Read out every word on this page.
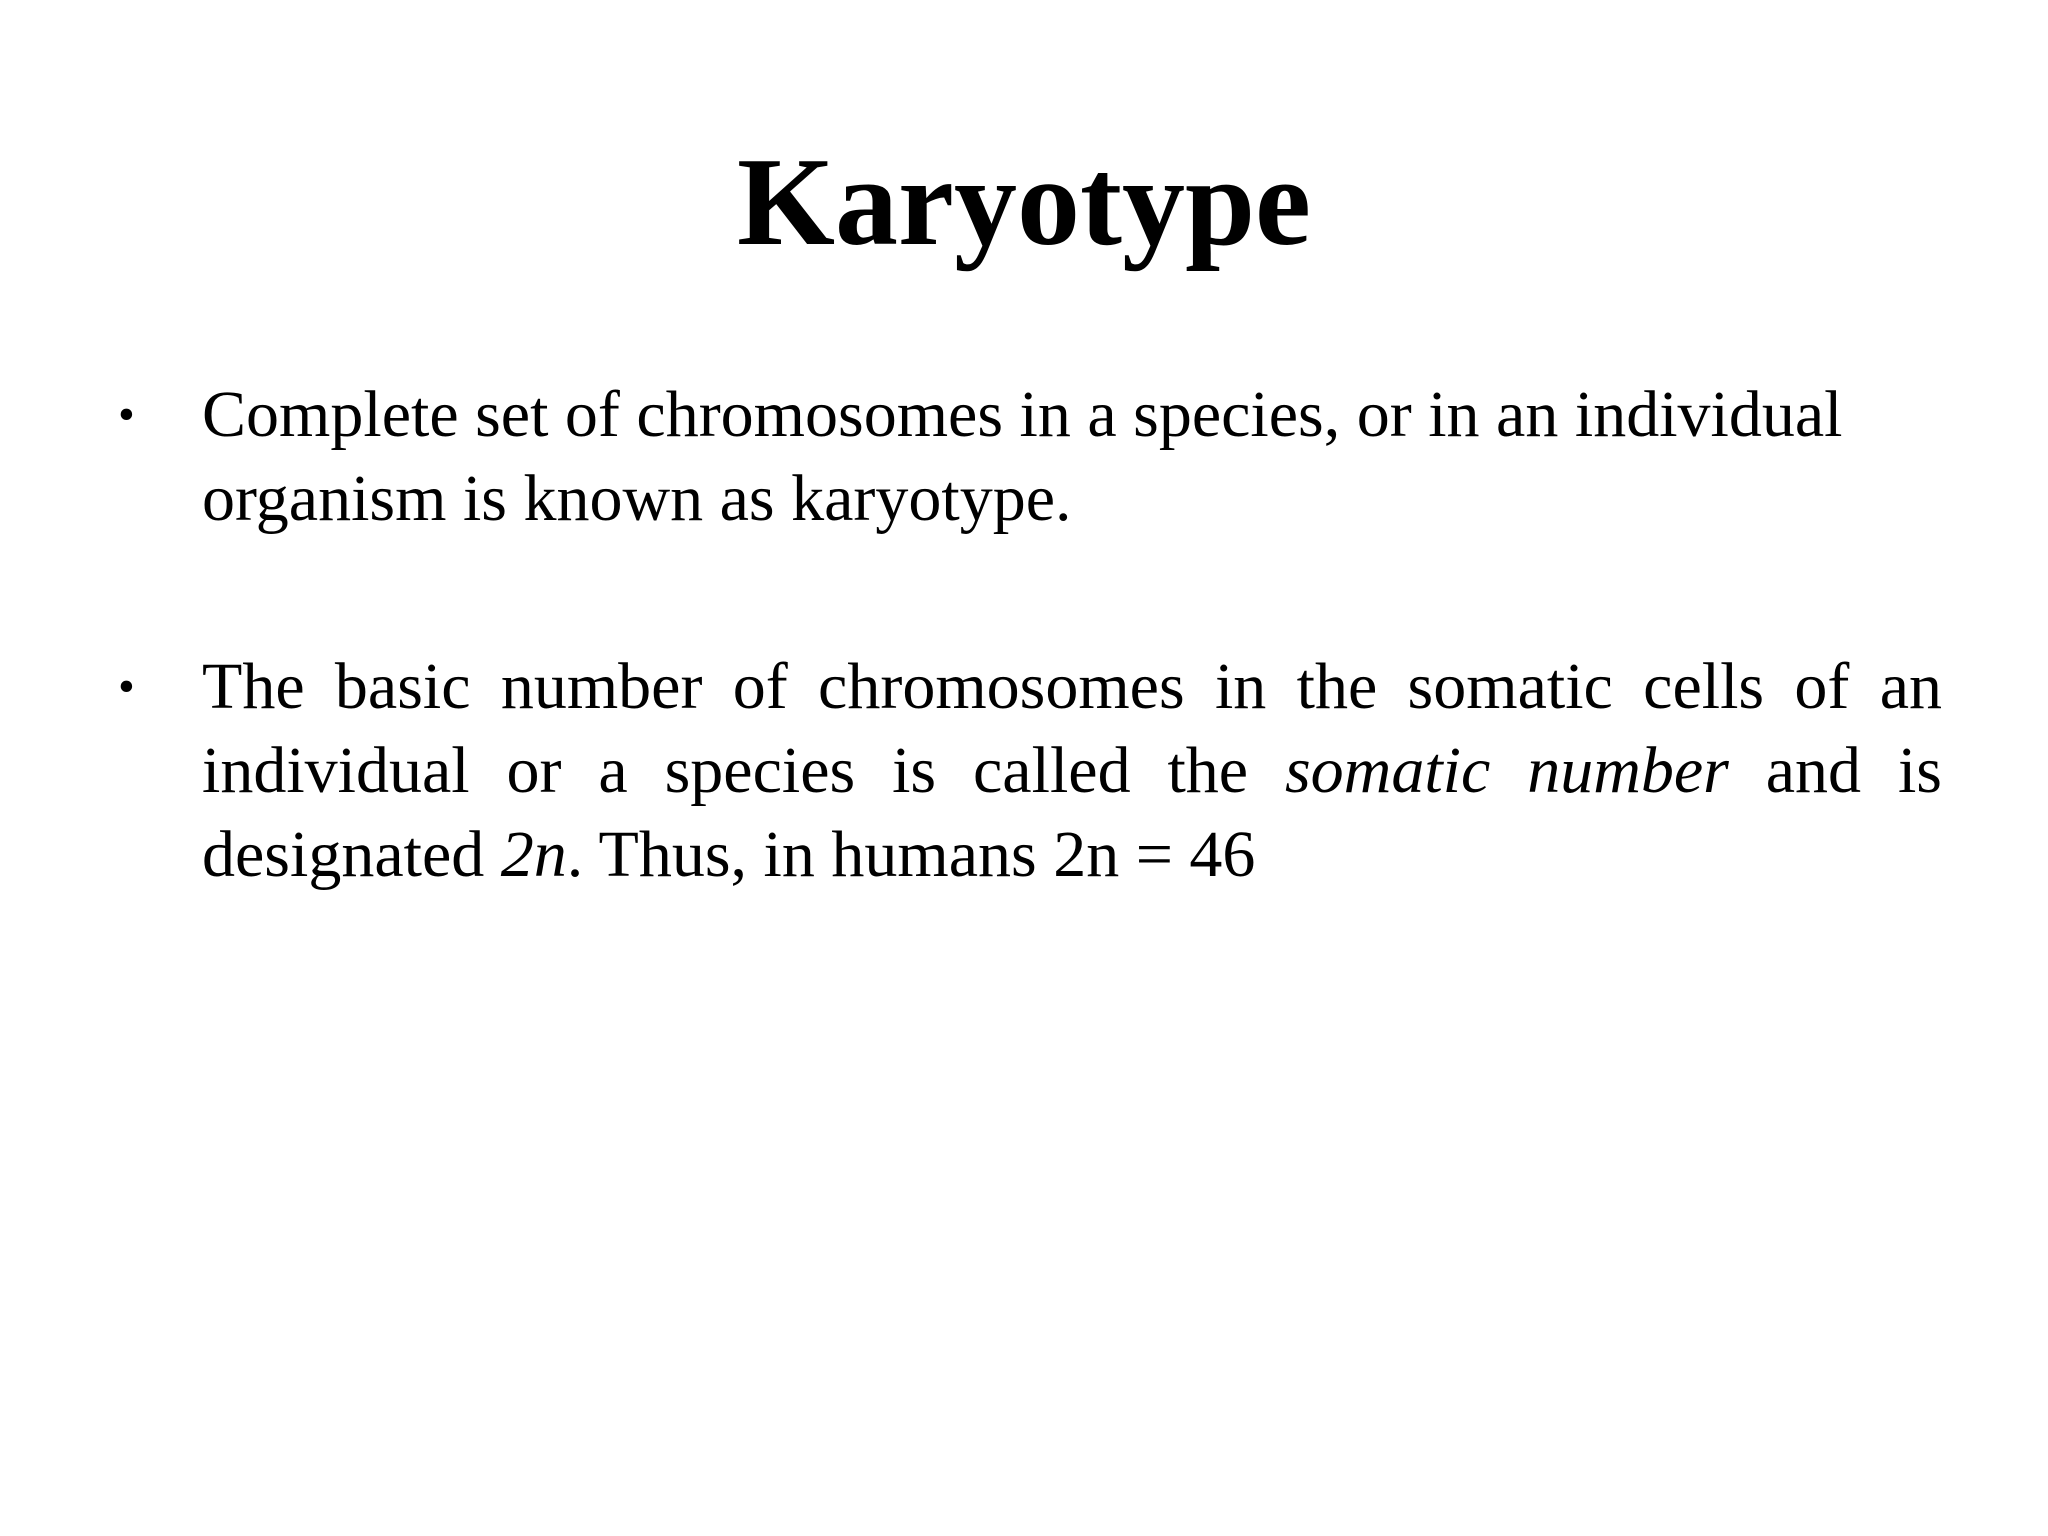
Karyotype
• Complete set of chromosomes in a species, or in an individual organism is known as karyotype.
• The basic number of chromosomes in the somatic cells of an individual or a species is called the somatic number and is designated 2n. Thus, in humans 2n = 46
